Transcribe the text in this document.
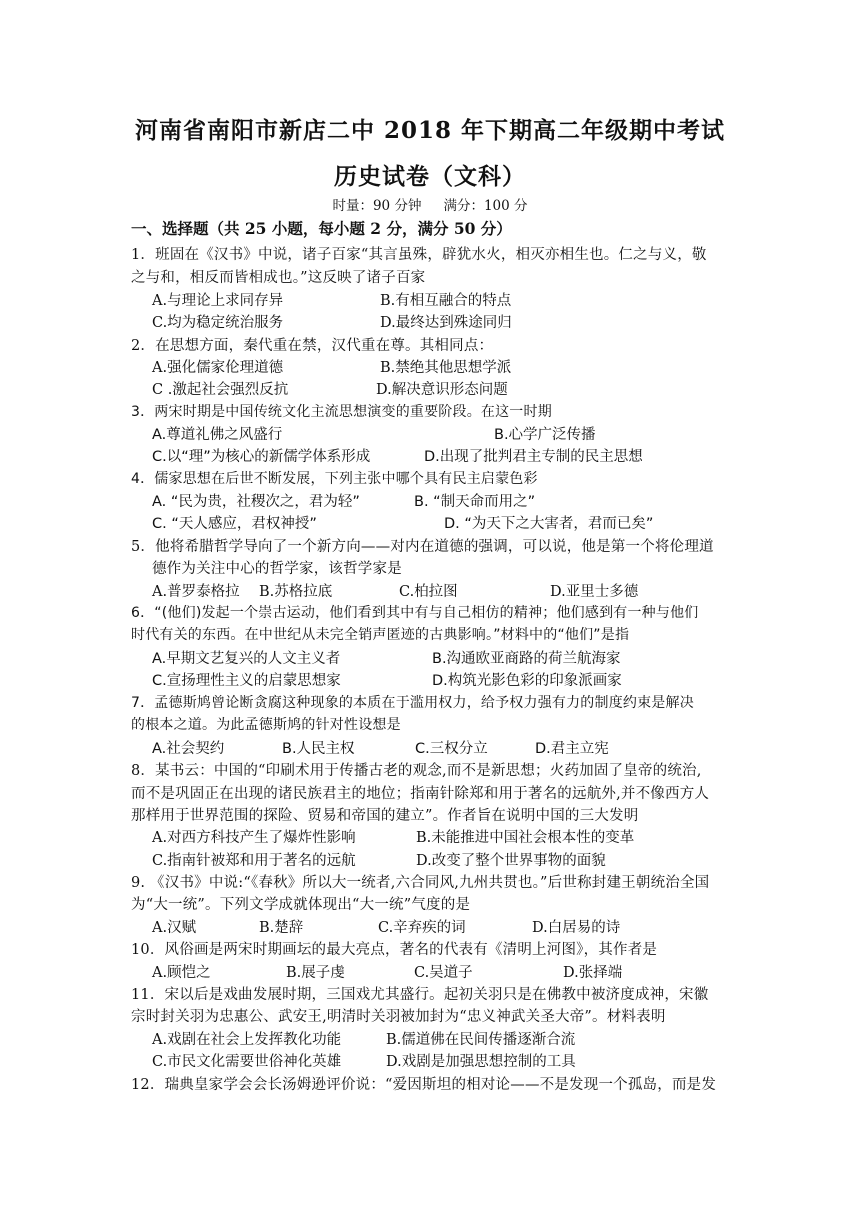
河南省南阳市新店二中 2018 年下期高二年级期中考试
历史试卷（文科）
时量：90 分钟 满分：100 分
一、选择题（共 25 小题，每小题 2 分，满分 50 分）
1．班固在《汉书》中说，诸子百家“其言虽殊，辟犹水火，相灭亦相生也。仁之与义，敬
之与和，相反而皆相成也。”这反映了诸子百家
A.与理论上求同存异	B.有相互融合的特点
C.均为稳定统治服务	D.最终达到殊途同归
2．在思想方面，秦代重在禁，汉代重在尊。其相同点：
A.强化儒家伦理道德	B.禁绝其他思想学派
C .激起社会强烈反抗	D.解决意识形态问题
3．两宋时期是中国传统文化主流思想演变的重要阶段。在这一时期
A.尊道礼佛之风盛行	B.心学广泛传播
C.以“理”为核心的新儒学体系形成	D.出现了批判君主专制的民主思想
4．儒家思想在后世不断发展，下列主张中哪个具有民主启蒙色彩
A. “民为贵，社稷次之，君为轻”	B. “制天命而用之”
C. “天人感应，君权神授”	D. “为天下之大害者，君而已矣”
5．他将希腊哲学导向了一个新方向——对内在道德的强调，可以说，他是第一个将伦理道
德作为关注中心的哲学家，该哲学家是
A.普罗泰格拉 B.苏格拉底	C.柏拉图	D.亚里士多德
6．“(他们)发起一个崇古运动，他们看到其中有与自己相仿的精神；他们感到有一种与他们
时代有关的东西。在中世纪从未完全销声匿迹的古典影响。”材料中的“他们”是指
A.早期文艺复兴的人文主义者	B.沟通欧亚商路的荷兰航海家
C.宣扬理性主义的启蒙思想家	D.构筑光影色彩的印象派画家
7．孟德斯鸠曾论断贪腐这种现象的本质在于滥用权力，给予权力强有力的制度约束是解决
的根本之道。为此孟德斯鸠的针对性设想是
A.社会契约	B.人民主权	C.三权分立	D.君主立宪
8．某书云：中国的“印刷术用于传播古老的观念,而不是新思想；火药加固了皇帝的统治,
而不是巩固正在出现的诸民族君主的地位；指南针除郑和用于著名的远航外,并不像西方人
那样用于世界范围的探险、贸易和帝国的建立”。作者旨在说明中国的三大发明
A.对西方科技产生了爆炸性影响	B.未能推进中国社会根本性的变革
C.指南针被郑和用于著名的远航	D.改变了整个世界事物的面貌
9. 《汉书》中说:“《春秋》所以大一统者,六合同风,九州共贯也。”后世称封建王朝统治全国
为“大一统”。下列文学成就体现出“大一统”气度的是
A.汉赋	B.楚辞	C.辛弃疾的词	D.白居易的诗
10．风俗画是两宋时期画坛的最大亮点，著名的代表有《清明上河图》，其作者是
A.顾恺之	B.展子虔	C.吴道子	D.张择端
11．宋以后是戏曲发展时期，三国戏尤其盛行。起初关羽只是在佛教中被济度成神，宋徽
宗时封关羽为忠惠公、武安王,明清时关羽被加封为“忠义神武关圣大帝”。材料表明
A.戏剧在社会上发挥教化功能	B.儒道佛在民间传播逐渐合流
C.市民文化需要世俗神化英雄	D.戏剧是加强思想控制的工具
12．瑞典皇家学会会长汤姆逊评价说：“爱因斯坦的相对论——不是发现一个孤岛，而是发
